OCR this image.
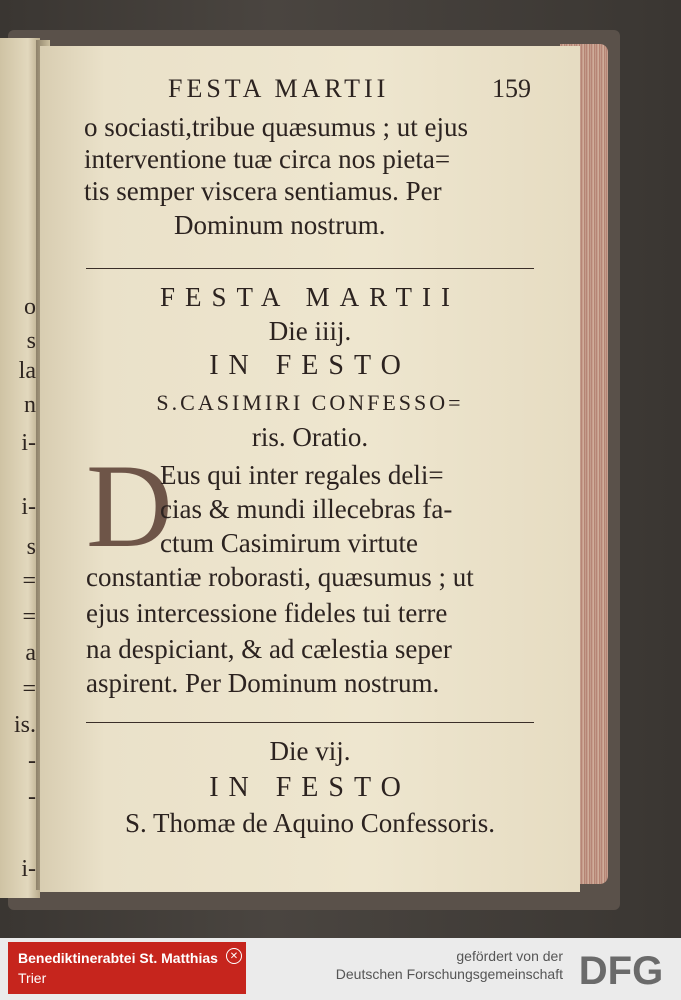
o
s
la
n
i-
i-
s
=
=
a
=
is.
-
-
i-
FESTA MARTII	159
o sociasti,tribue quæsumus ; ut ejus
interventione tuæ circa nos pieta=
tis semper viscera sentiamus. Per
Dominum nostrum.
FESTA MARTII
Die iiij.
IN FESTO
S.CASIMIRI CONFESSO=
ris. Oratio.
D
Eus qui inter regales deli=
cias & mundi illecebras fa-
ctum Casimirum virtute
constantiæ roborasti, quæsumus ; ut
ejus intercessione fideles tui terre
na despiciant, & ad cælestia seper
aspirent. Per Dominum nostrum.
Die vij.
IN FESTO
S. Thomæ de Aquino Confessoris.
Benediktinerabtei St. Matthias
Trier
✕	gefördert von der
Deutschen Forschungsgemeinschaft DFG
